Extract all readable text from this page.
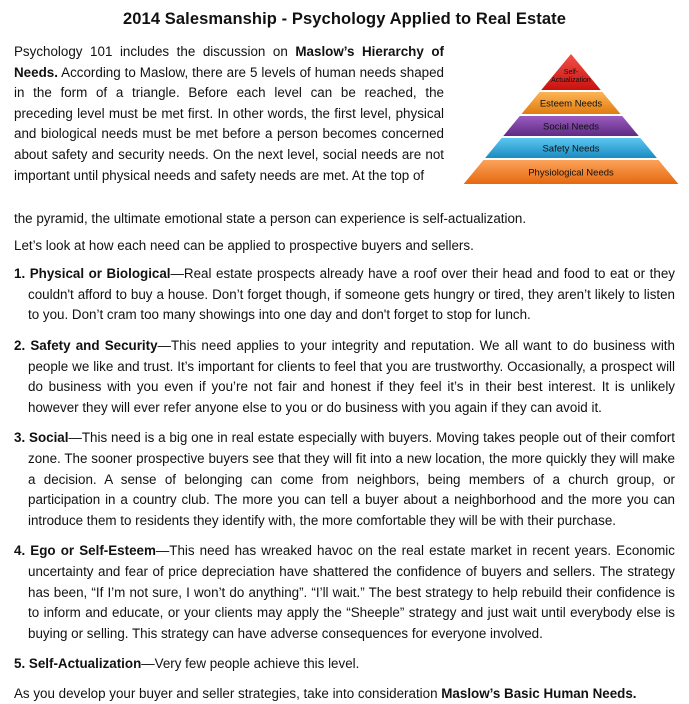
2014 Salesmanship - Psychology Applied to Real Estate

Psychology 101 includes the discussion on Maslow’s Hierarchy of Needs. According to Maslow, there are 5 levels of human needs shaped in the form of a triangle. Before each level can be reached, the preceding level must be met first. In other words, the first level, physical and biological needs must be met before a person becomes concerned about safety and security needs. On the next level, social needs are not important until physical needs and safety needs are met. At the top of

Self-
Actualization
Esteem Needs
Social Needs
Safety Needs
Physiological Needs

the pyramid, the ultimate emotional state a person can experience is self-actualization.

Let’s look at how each need can be applied to prospective buyers and sellers.

1. Physical or Biological—Real estate prospects already have a roof over their head and food to eat or they couldn't afford to buy a house. Don’t forget though, if someone gets hungry or tired, they aren’t likely to listen to you. Don’t cram too many showings into one day and don't forget to stop for lunch.
2. Safety and Security—This need applies to your integrity and reputation. We all want to do business with people we like and trust. It’s important for clients to feel that you are trustworthy. Occasionally, a prospect will do business with you even if you’re not fair and honest if they feel it’s in their best interest. It is unlikely however they will ever refer anyone else to you or do business with you again if they can avoid it.
3. Social—This need is a big one in real estate especially with buyers. Moving takes people out of their comfort zone. The sooner prospective buyers see that they will fit into a new location, the more quickly they will make a decision. A sense of belonging can come from neighbors, being members of a church group, or participation in a country club. The more you can tell a buyer about a neighborhood and the more you can introduce them to residents they identify with, the more comfortable they will be with their purchase.
4. Ego or Self-Esteem—This need has wreaked havoc on the real estate market in recent years. Economic uncertainty and fear of price depreciation have shattered the confidence of buyers and sellers. The strategy has been, “If I’m not sure, I won’t do anything”. “I’ll wait.” The best strategy to help rebuild their confidence is to inform and educate, or your clients may apply the “Sheeple” strategy and just wait until everybody else is buying or selling. This strategy can have adverse consequences for everyone involved.
5. Self-Actualization—Very few people achieve this level.

As you develop your buyer and seller strategies, take into consideration Maslow’s Basic Human Needs.
